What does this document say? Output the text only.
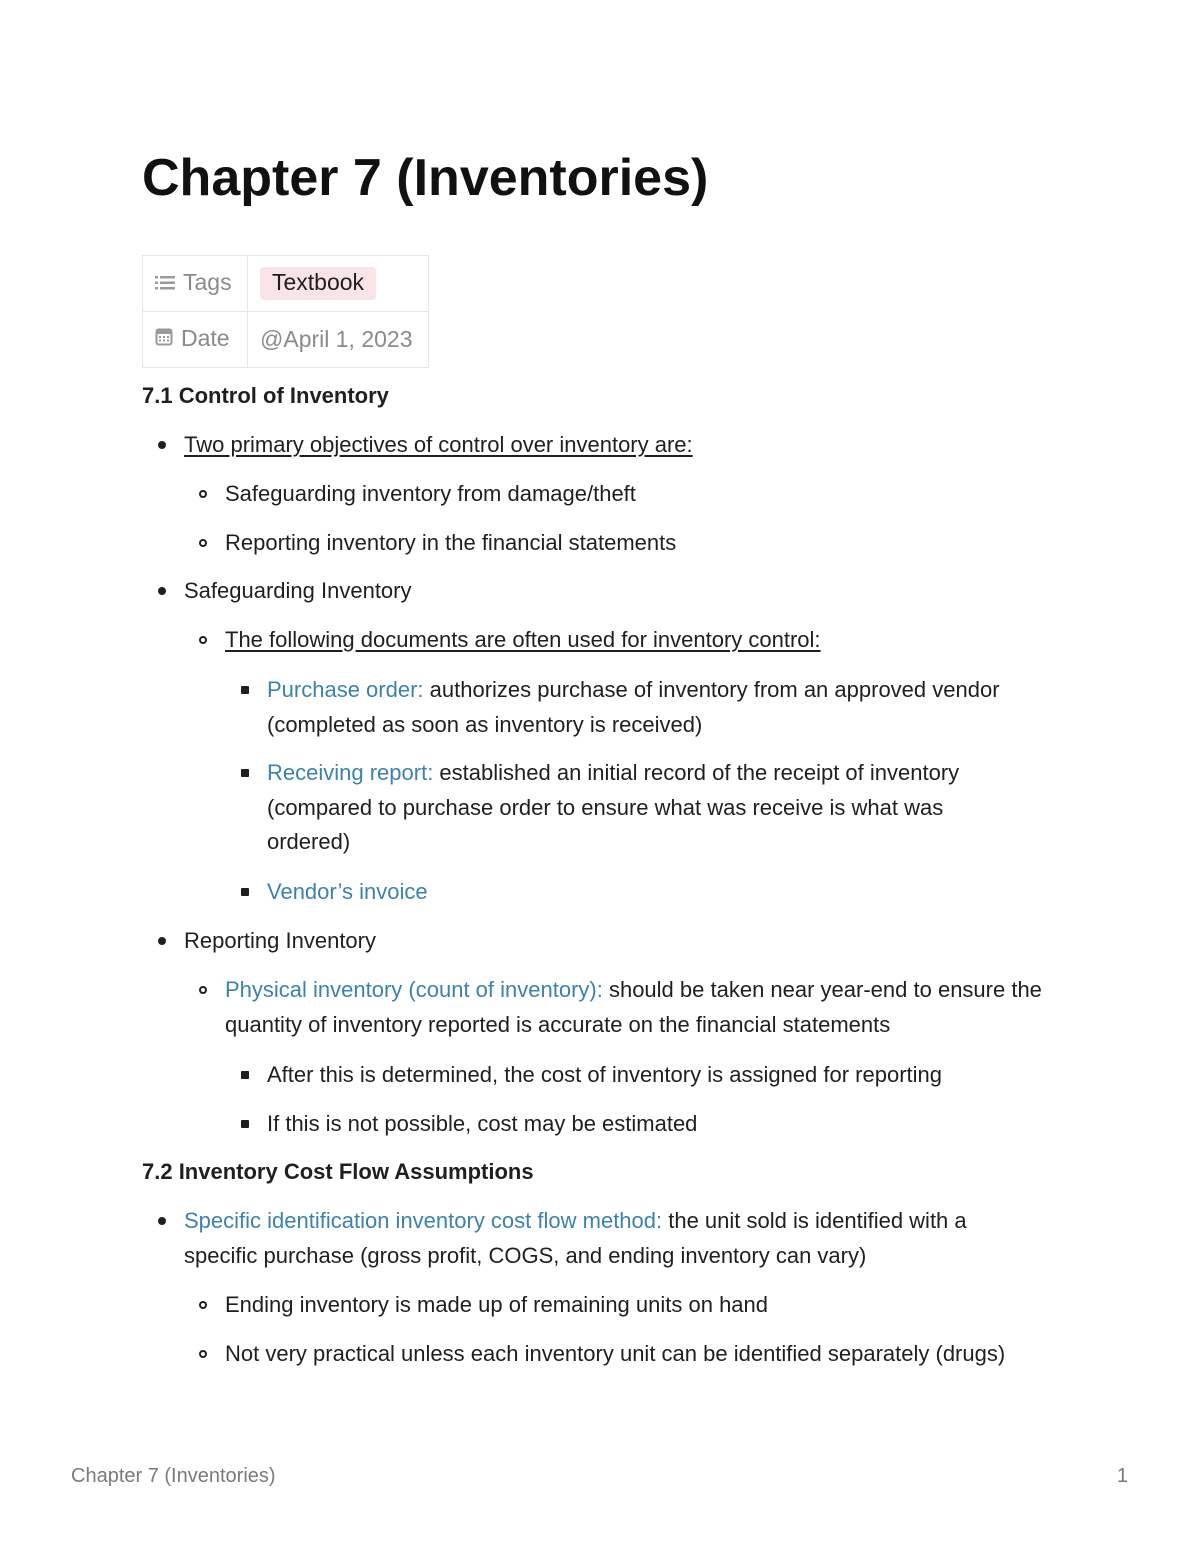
Chapter 7 (Inventories)
Tags	Textbook
Date	@April 1, 2023
7.1 Control of Inventory
Two primary objectives of control over inventory are:
Safeguarding inventory from damage/theft
Reporting inventory in the financial statements
Safeguarding Inventory
The following documents are often used for inventory control:
Purchase order: authorizes purchase of inventory from an approved vendor (completed as soon as inventory is received)
Receiving report: established an initial record of the receipt of inventory (compared to purchase order to ensure what was receive is what was ordered)
Vendor’s invoice
Reporting Inventory
Physical inventory (count of inventory): should be taken near year-end to ensure the quantity of inventory reported is accurate on the financial statements
After this is determined, the cost of inventory is assigned for reporting
If this is not possible, cost may be estimated
7.2 Inventory Cost Flow Assumptions
Specific identification inventory cost flow method: the unit sold is identified with a specific purchase (gross profit, COGS, and ending inventory can vary)
Ending inventory is made up of remaining units on hand
Not very practical unless each inventory unit can be identified separately (drugs)
Chapter 7 (Inventories)	1
